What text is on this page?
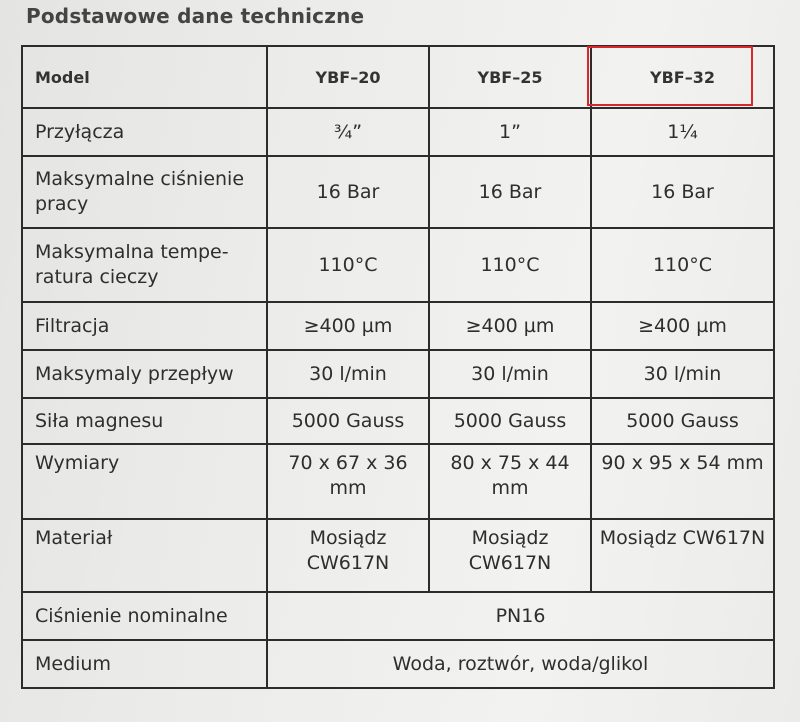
Podstawowe dane techniczne
Model	YBF–20	YBF–25	YBF–32
Przyłącza	¾”	1”	1¼
Maksymalne ciśnienie pracy	16 Bar	16 Bar	16 Bar
Maksymalna tempe-ratura cieczy	110°C	110°C	110°C
Filtracja	≥400 µm	≥400 µm	≥400 µm
Maksymaly przepływ	30 l/min	30 l/min	30 l/min
Siła magnesu	5000 Gauss	5000 Gauss	5000 Gauss
Wymiary	70 x 67 x 36 mm	80 x 75 x 44 mm	90 x 95 x 54 mm
Materiał	Mosiądz CW617N	Mosiądz CW617N	Mosiądz CW617N
Ciśnienie nominalne	PN16		
Medium	Woda, roztwór, woda/glikol		
